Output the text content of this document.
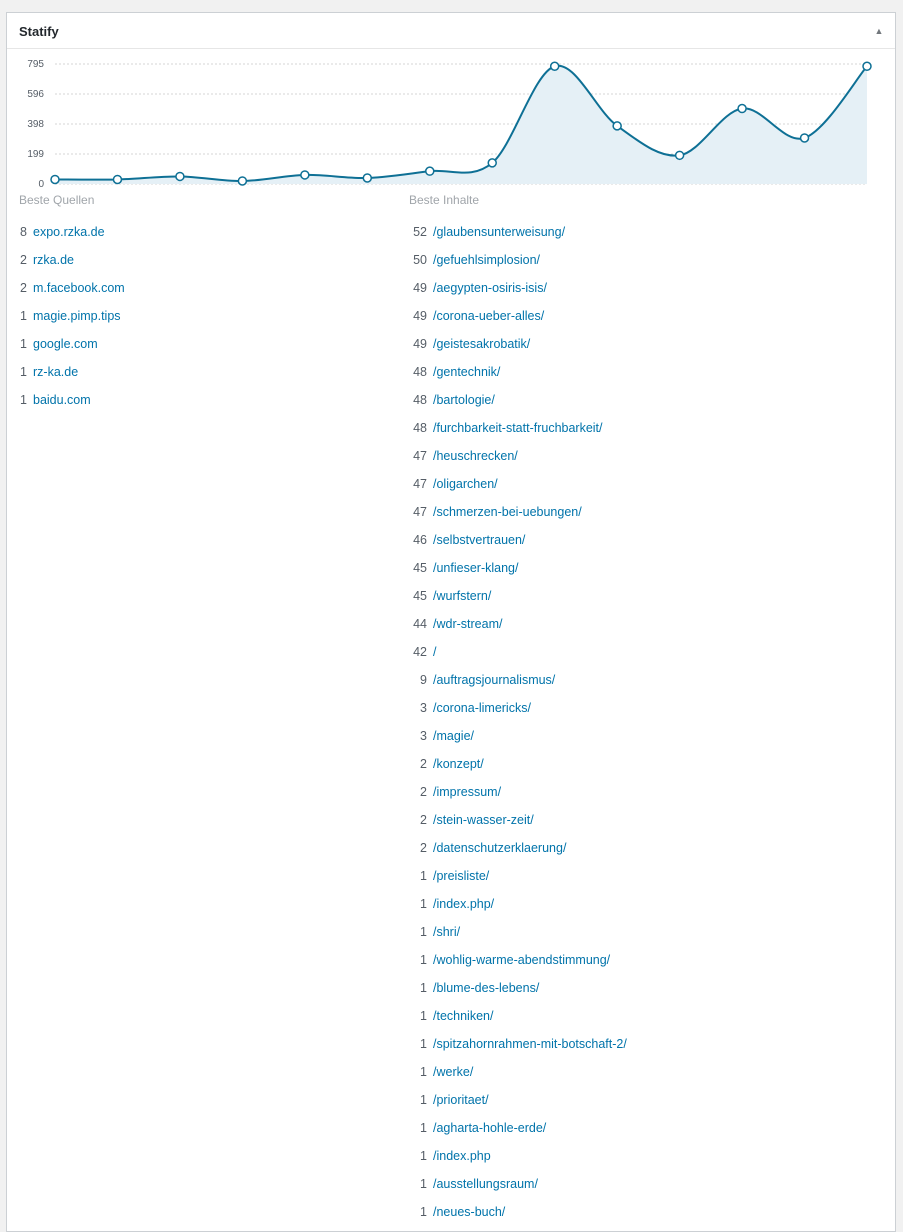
Statify	▲
795
596
398
199
0
Beste Quellen	Beste Inhalte
8 expo.rzka.de
2 rzka.de
2 m.facebook.com
1 magie.pimp.tips
1 google.com
1 rz-ka.de
1 baidu.com
52 /glaubensunterweisung/
50 /gefuehlsimplosion/
49 /aegypten-osiris-isis/
49 /corona-ueber-alles/
49 /geistesakrobatik/
48 /gentechnik/
48 /bartologie/
48 /furchbarkeit-statt-fruchbarkeit/
47 /heuschrecken/
47 /oligarchen/
47 /schmerzen-bei-uebungen/
46 /selbstvertrauen/
45 /unfieser-klang/
45 /wurfstern/
44 /wdr-stream/
42 /
9 /auftragsjournalismus/
3 /corona-limericks/
3 /magie/
2 /konzept/
2 /impressum/
2 /stein-wasser-zeit/
2 /datenschutzerklaerung/
1 /preisliste/
1 /index.php/
1 /shri/
1 /wohlig-warme-abendstimmung/
1 /blume-des-lebens/
1 /techniken/
1 /spitzahornrahmen-mit-botschaft-2/
1 /werke/
1 /prioritaet/
1 /agharta-hohle-erde/
1 /index.php
1 /ausstellungsraum/
1 /neues-buch/
